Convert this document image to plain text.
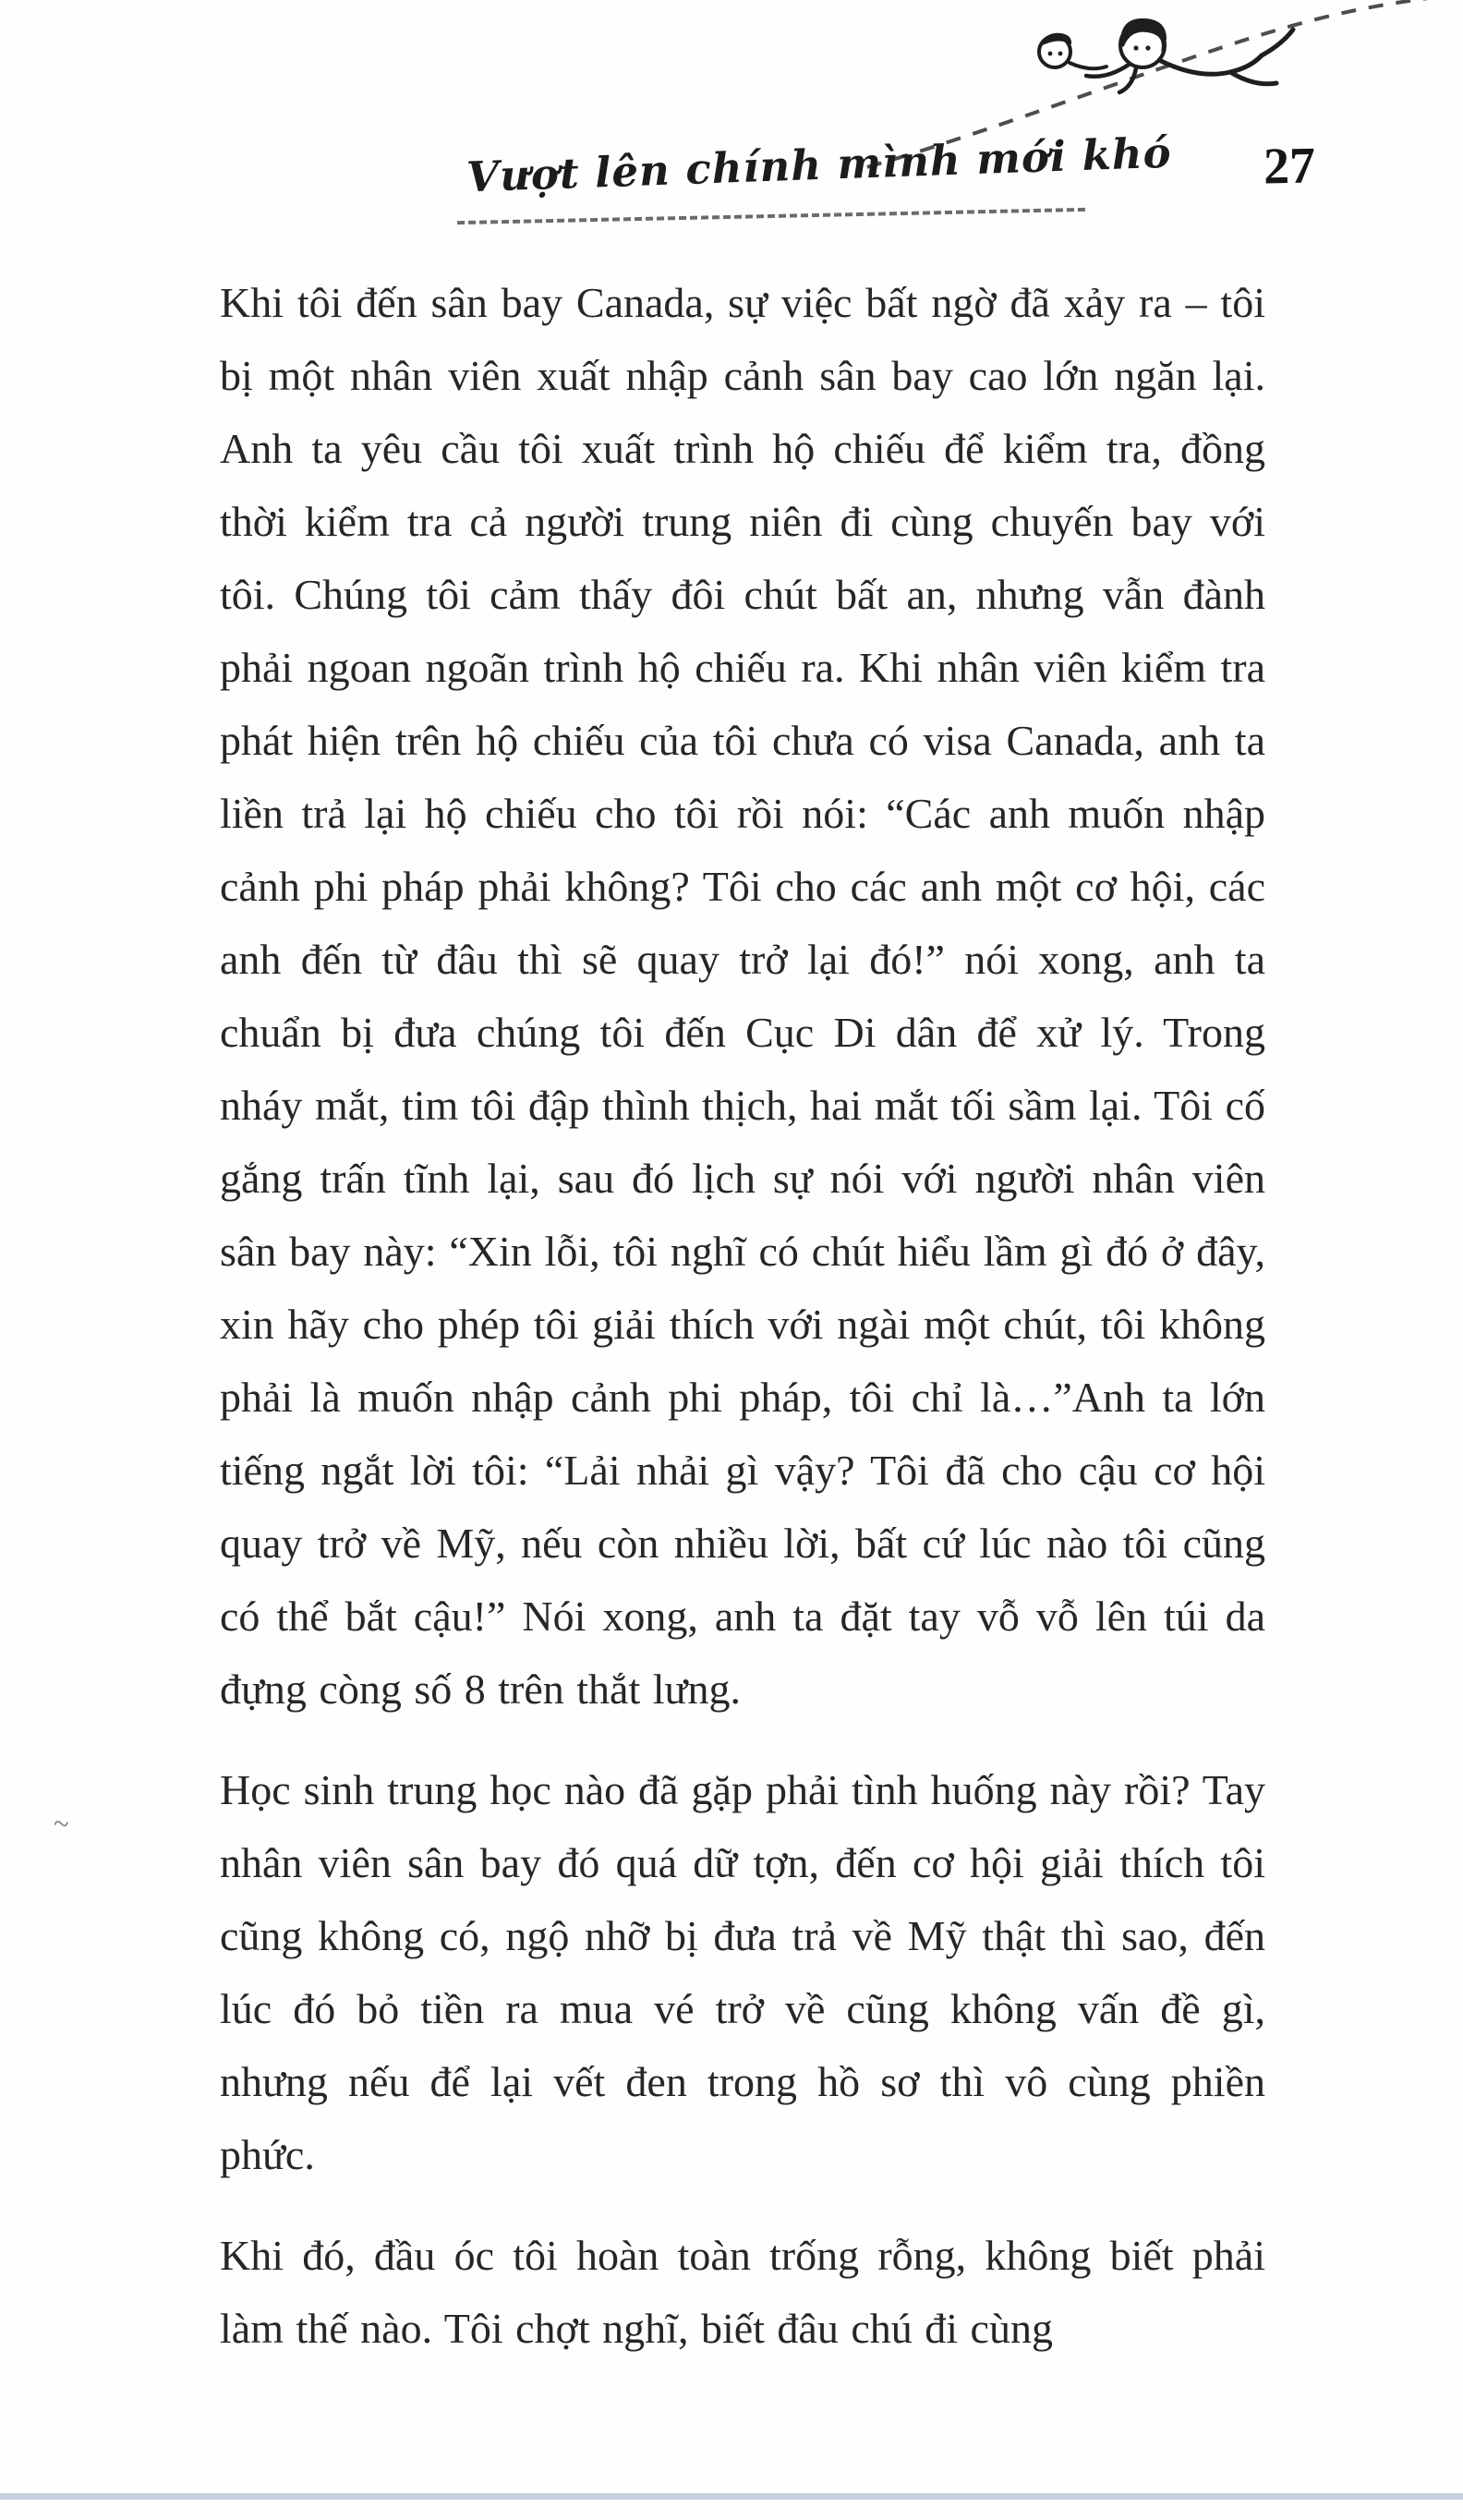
Vượt lên chính mình mới khó 27

Khi tôi đến sân bay Canada, sự việc bất ngờ đã xảy ra – tôi bị một nhân viên xuất nhập cảnh sân bay cao lớn ngăn lại. Anh ta yêu cầu tôi xuất trình hộ chiếu để kiểm tra, đồng thời kiểm tra cả người trung niên đi cùng chuyến bay với tôi. Chúng tôi cảm thấy đôi chút bất an, nhưng vẫn đành phải ngoan ngoãn trình hộ chiếu ra. Khi nhân viên kiểm tra phát hiện trên hộ chiếu của tôi chưa có visa Canada, anh ta liền trả lại hộ chiếu cho tôi rồi nói: “Các anh muốn nhập cảnh phi pháp phải không? Tôi cho các anh một cơ hội, các anh đến từ đâu thì sẽ quay trở lại đó!” nói xong, anh ta chuẩn bị đưa chúng tôi đến Cục Di dân để xử lý. Trong nháy mắt, tim tôi đập thình thịch, hai mắt tối sầm lại. Tôi cố gắng trấn tĩnh lại, sau đó lịch sự nói với người nhân viên sân bay này: “Xin lỗi, tôi nghĩ có chút hiểu lầm gì đó ở đây, xin hãy cho phép tôi giải thích với ngài một chút, tôi không phải là muốn nhập cảnh phi pháp, tôi chỉ là…”Anh ta lớn tiếng ngắt lời tôi: “Lải nhải gì vậy? Tôi đã cho cậu cơ hội quay trở về Mỹ, nếu còn nhiều lời, bất cứ lúc nào tôi cũng có thể bắt cậu!” Nói xong, anh ta đặt tay vỗ vỗ lên túi da đựng còng số 8 trên thắt lưng.

Học sinh trung học nào đã gặp phải tình huống này rồi? Tay nhân viên sân bay đó quá dữ tợn, đến cơ hội giải thích tôi cũng không có, ngộ nhỡ bị đưa trả về Mỹ thật thì sao, đến lúc đó bỏ tiền ra mua vé trở về cũng không vấn đề gì, nhưng nếu để lại vết đen trong hồ sơ thì vô cùng phiền phức.

Khi đó, đầu óc tôi hoàn toàn trống rỗng, không biết phải làm thế nào. Tôi chợt nghĩ, biết đâu chú đi cùng

~
